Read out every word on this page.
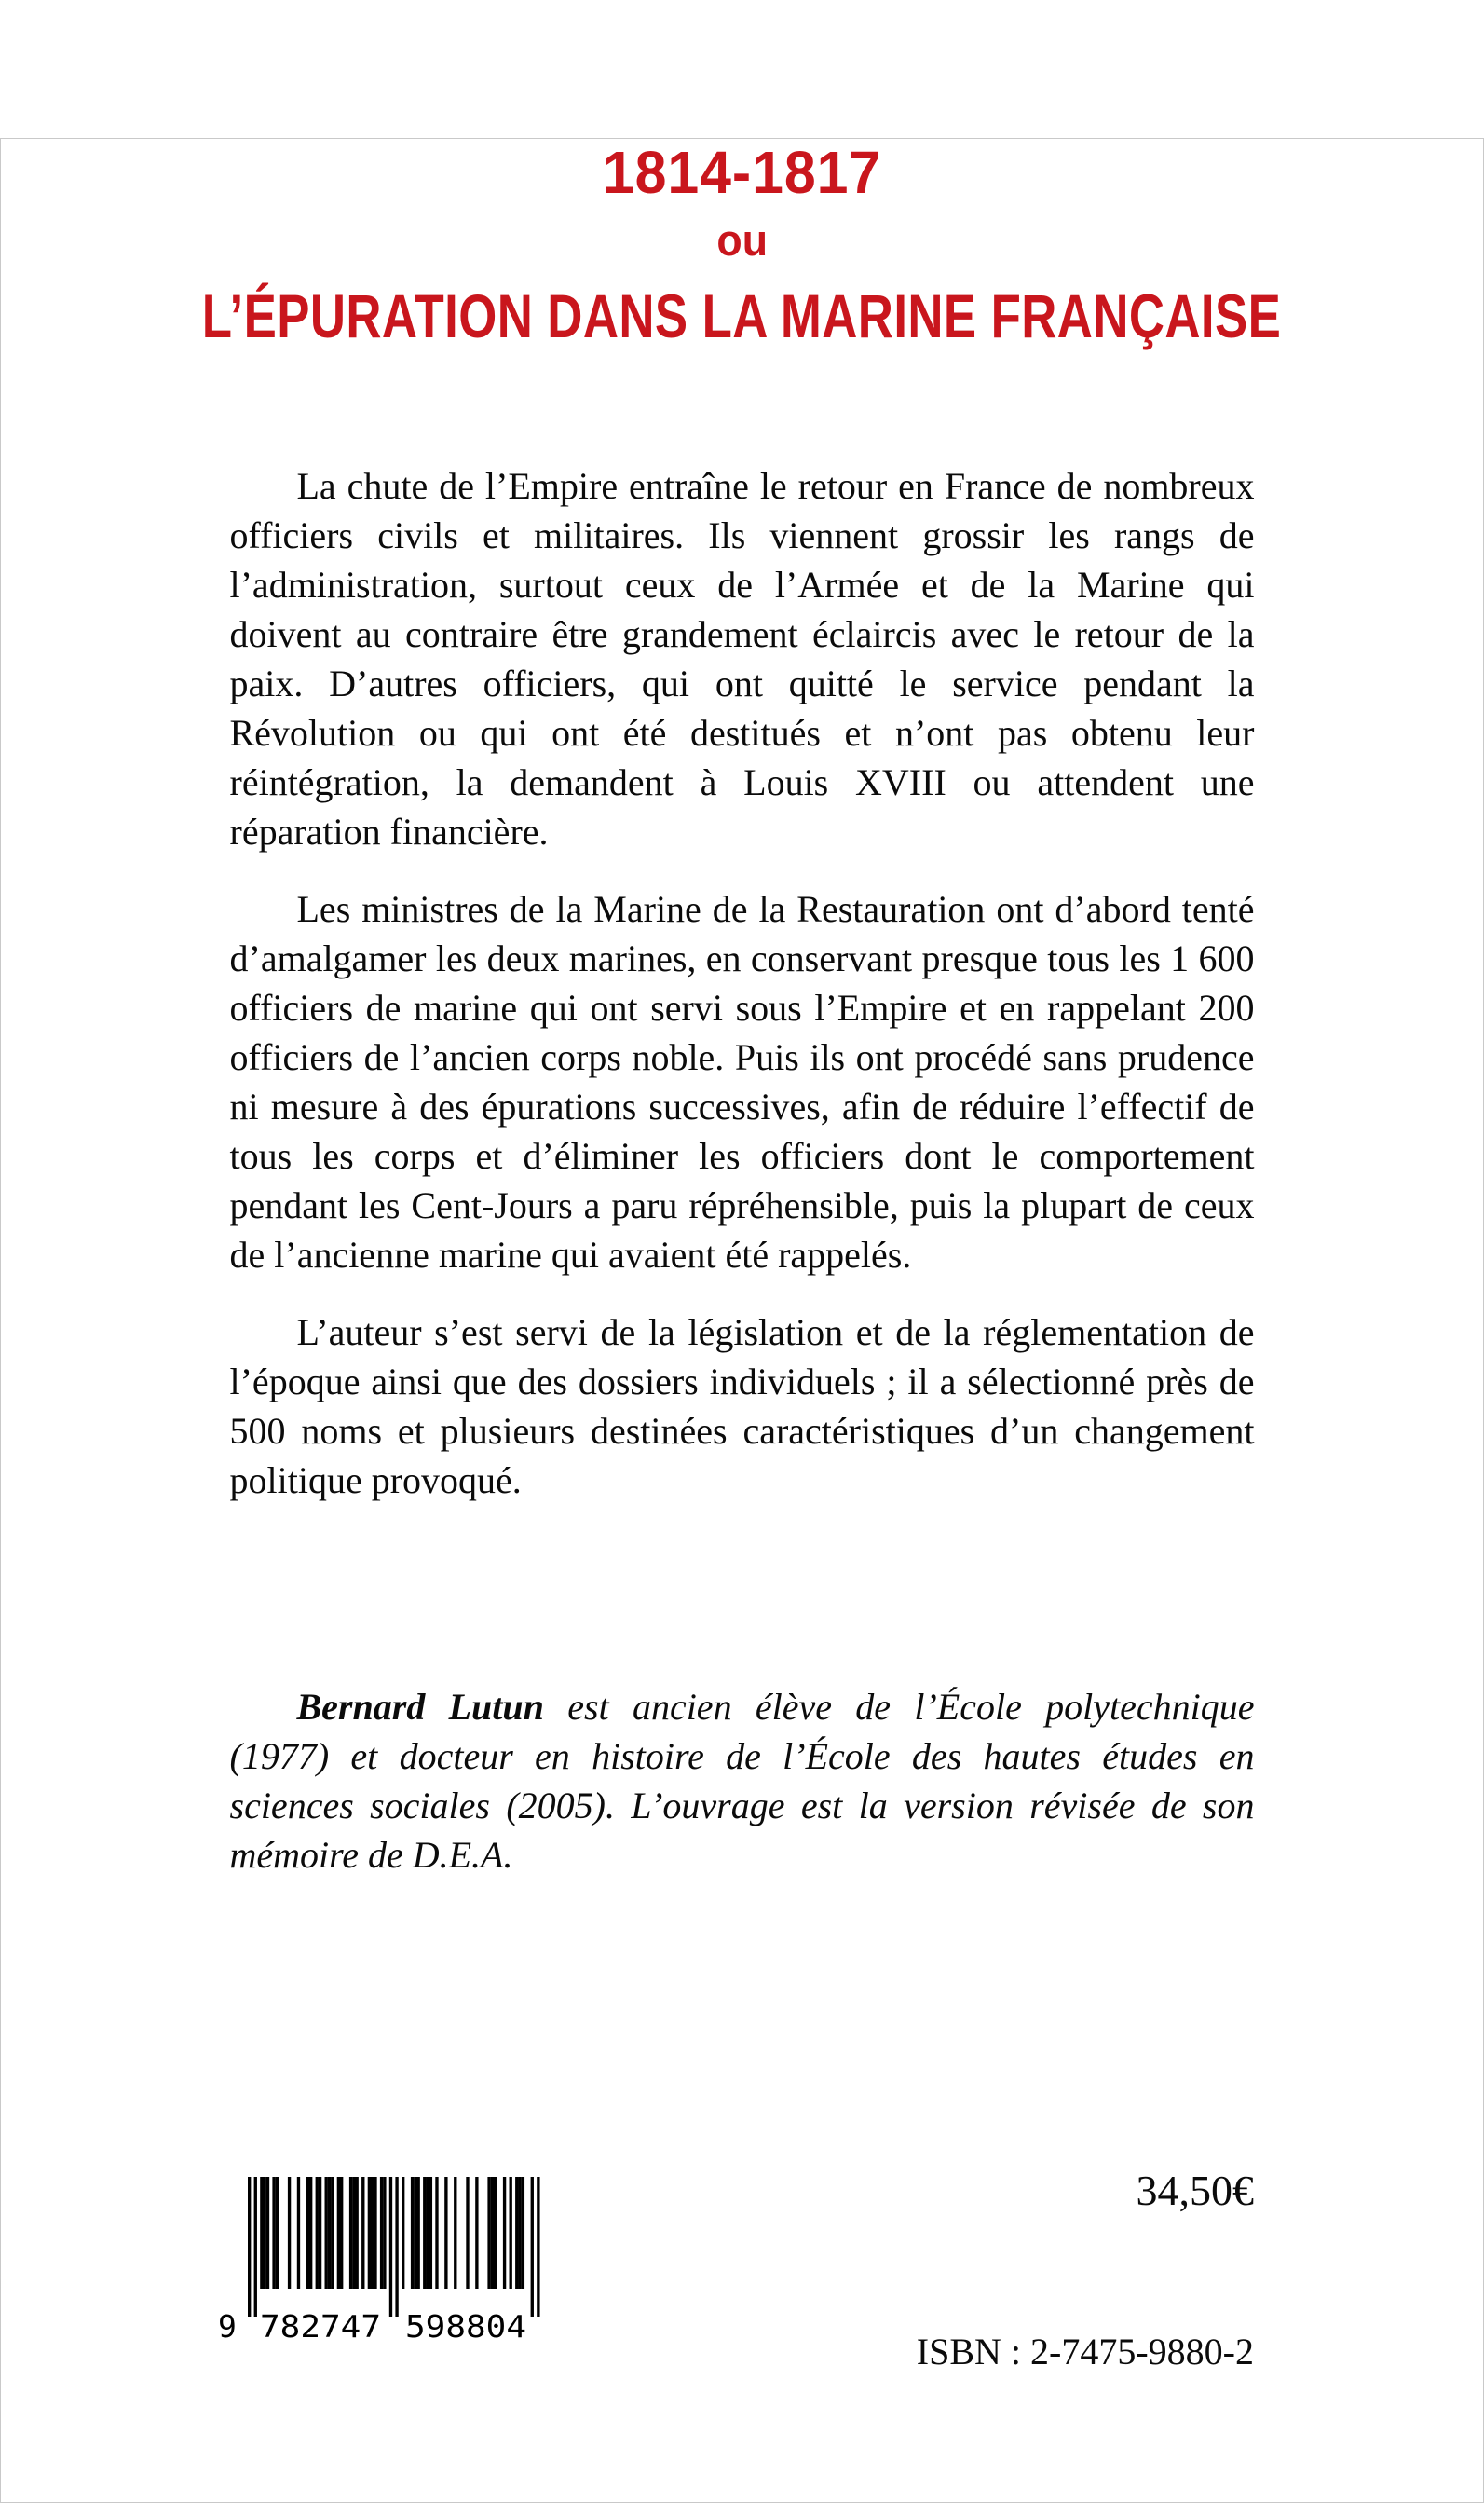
1814-1817
ou
L’ÉPURATION DANS LA MARINE FRANÇAISE

La chute de l’Empire entraîne le retour en France de nombreux officiers civils et militaires. Ils viennent grossir les rangs de l’administration, surtout ceux de l’Armée et de la Marine qui doivent au contraire être grandement éclaircis avec le retour de la paix. D’autres officiers, qui ont quitté le service pendant la Révolution ou qui ont été destitués et n’ont pas obtenu leur réintégration, la demandent à Louis XVIII ou attendent une réparation financière.

Les ministres de la Marine de la Restauration ont d’abord tenté d’amalgamer les deux marines, en conservant presque tous les 1 600 officiers de marine qui ont servi sous l’Empire et en rappelant 200 officiers de l’ancien corps noble. Puis ils ont procédé sans prudence ni mesure à des épurations successives, afin de réduire l’effectif de tous les corps et d’éliminer les officiers dont le comportement pendant les Cent-Jours a paru répréhensible, puis la plupart de ceux de l’ancienne marine qui avaient été rappelés.

L’auteur s’est servi de la législation et de la réglementation de l’époque ainsi que des dossiers individuels ; il a sélectionné près de 500 noms et plusieurs destinées caractéristiques d’un changement politique provoqué.

Bernard Lutun est ancien élève de l’École polytechnique (1977) et docteur en histoire de l’École des hautes études en sciences sociales (2005). L’ouvrage est la version révisée de son mémoire de D.E.A.

34,50€
9 782747 598804
ISBN : 2-7475-9880-2
